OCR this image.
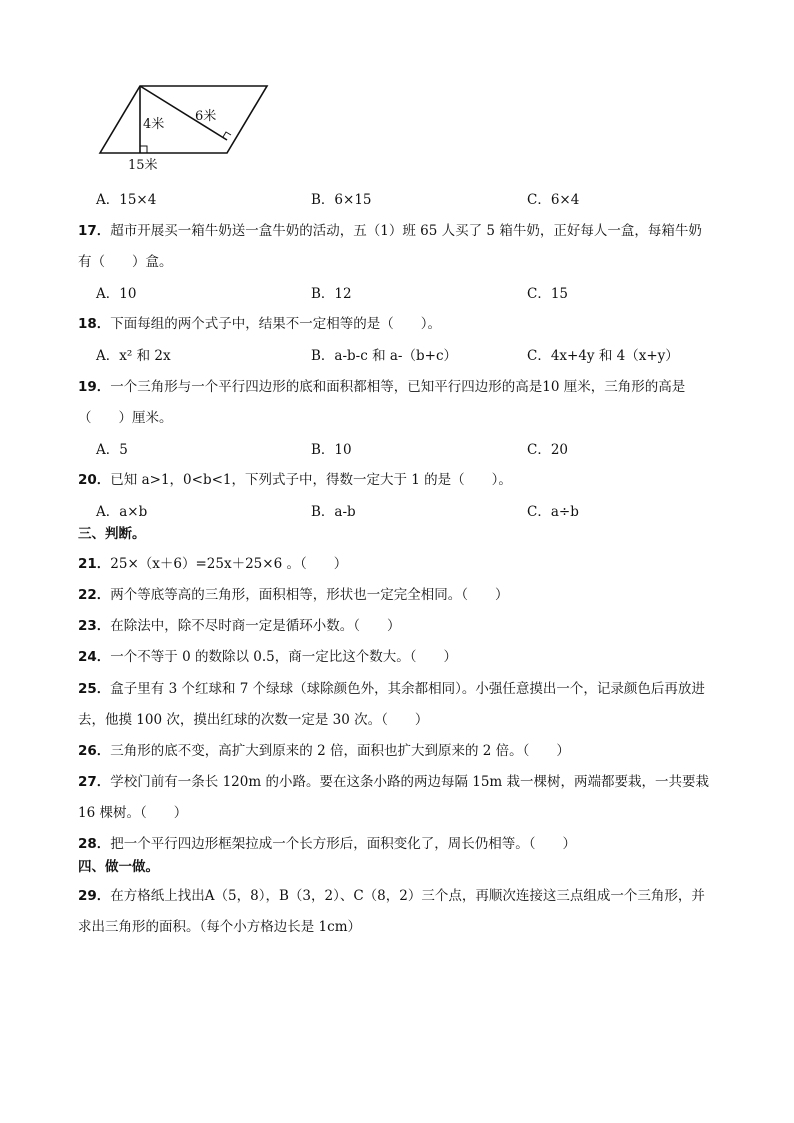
4米
6米
15米
A．15×4	B．6×15	C．6×4
17．超市开展买一箱牛奶送一盒牛奶的活动，五（1）班 65 人买了 5 箱牛奶，正好每人一盒，每箱牛奶
有（　　）盒。
A．10	B．12	C．15
18．下面每组的两个式子中，结果不一定相等的是（　　）。
A．x² 和 2x	B．a-b-c 和 a-（b+c）	C．4x+4y 和 4（x+y）
19．一个三角形与一个平行四边形的底和面积都相等，已知平行四边形的高是10 厘米，三角形的高是
（　　）厘米。
A．5	B．10	C．20
20．已知 a>1，0<b<1，下列式子中，得数一定大于 1 的是（　　）。
A．a×b	B．a-b	C．a÷b
三、判断。
21．25×（x＋6）=25x＋25×6 。（　　）
22．两个等底等高的三角形，面积相等，形状也一定完全相同。（　　）
23．在除法中，除不尽时商一定是循环小数。（　　）
24．一个不等于 0 的数除以 0.5，商一定比这个数大。（　　）
25．盒子里有 3 个红球和 7 个绿球（球除颜色外，其余都相同）。小强任意摸出一个，记录颜色后再放进
去，他摸 100 次，摸出红球的次数一定是 30 次。（　　）
26．三角形的底不变，高扩大到原来的 2 倍，面积也扩大到原来的 2 倍。（　　）
27．学校门前有一条长 120m 的小路。要在这条小路的两边每隔 15m 栽一棵树，两端都要栽，一共要栽
16 棵树。（　　）
28．把一个平行四边形框架拉成一个长方形后，面积变化了，周长仍相等。（　　）
四、做一做。
29．在方格纸上找出A（5，8），B（3，2）、C（8，2）三个点，再顺次连接这三点组成一个三角形，并
求出三角形的面积。（每个小方格边长是 1cm）
